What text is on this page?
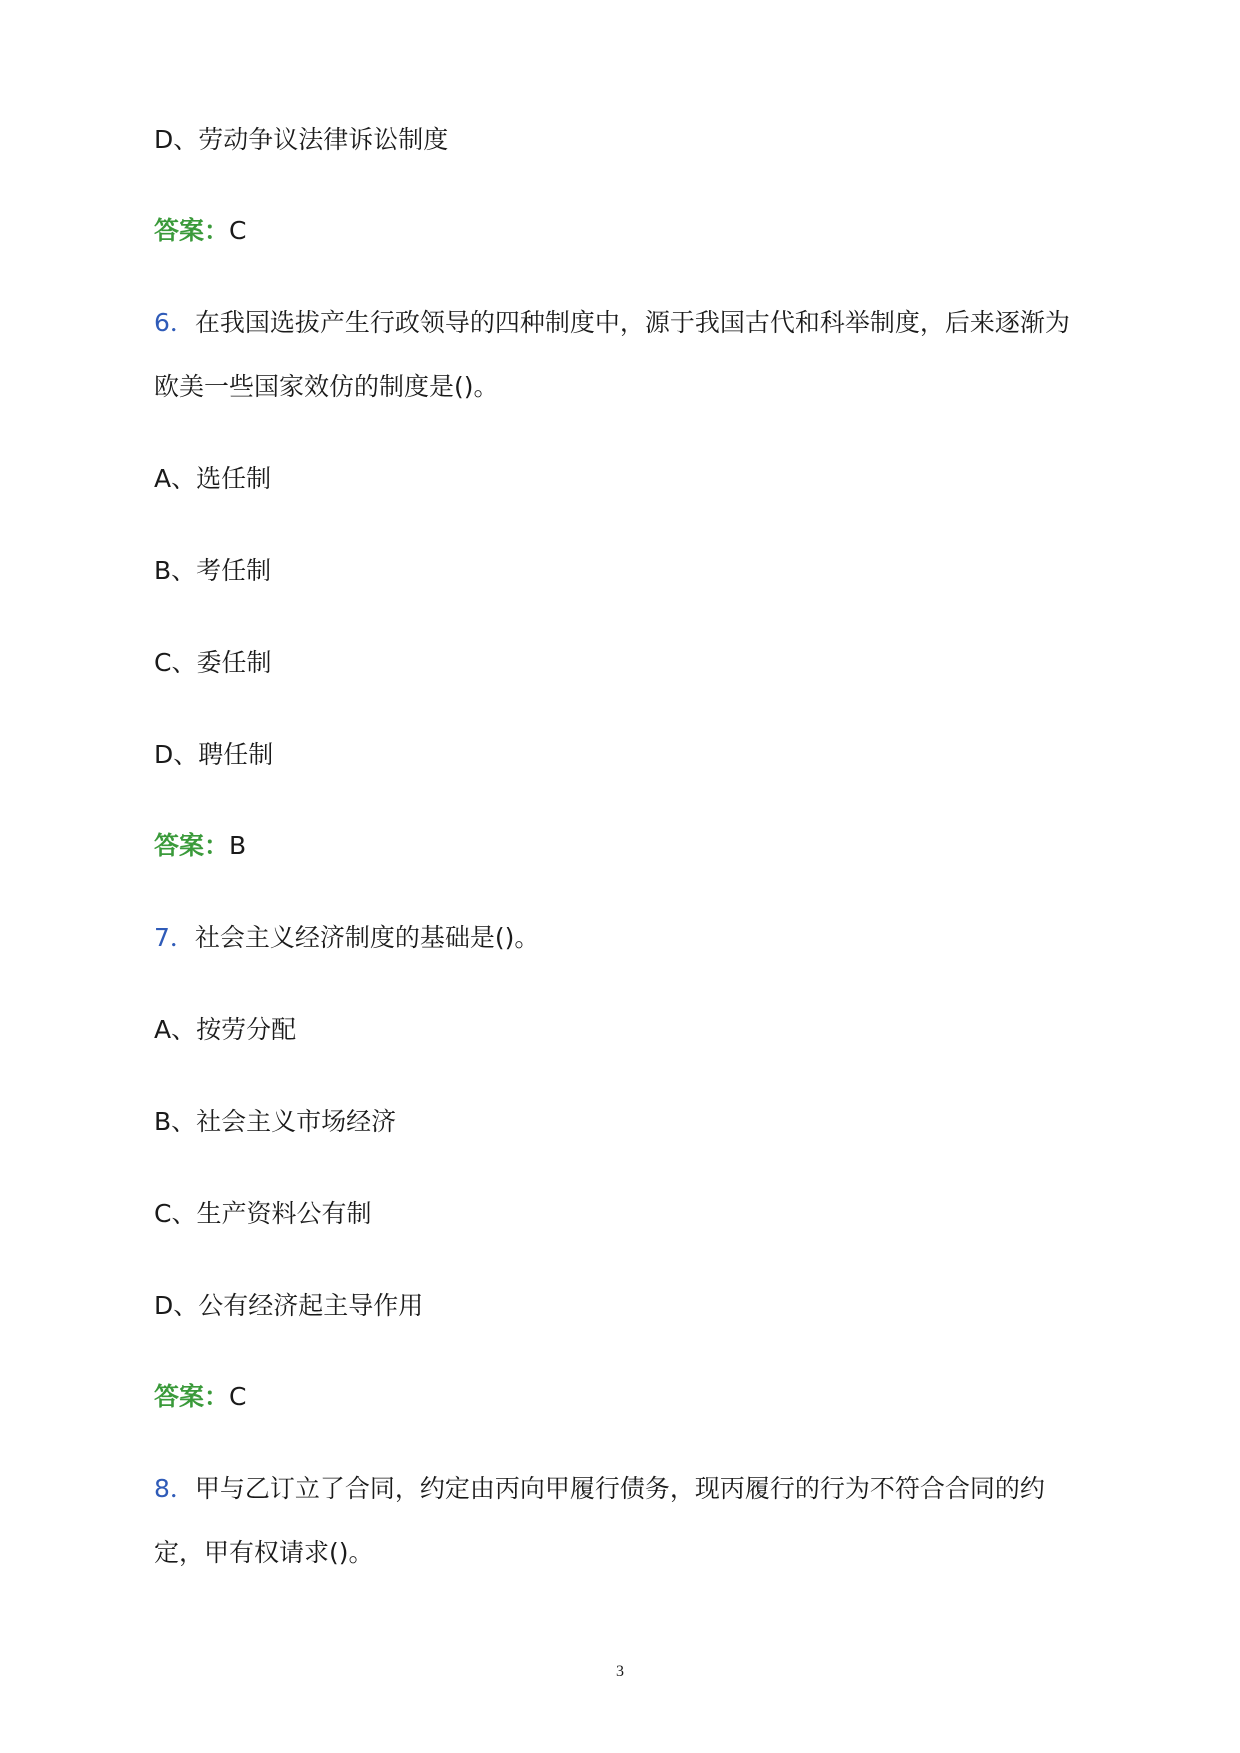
D、劳动争议法律诉讼制度

答案：C

6．在我国选拔产生行政领导的四种制度中，源于我国古代和科举制度，后来逐渐为

欧美一些国家效仿的制度是()。

A、选任制

B、考任制

C、委任制

D、聘任制

答案：B

7．社会主义经济制度的基础是()。

A、按劳分配

B、社会主义市场经济

C、生产资料公有制

D、公有经济起主导作用

答案：C

8．甲与乙订立了合同，约定由丙向甲履行债务，现丙履行的行为不符合合同的约

定，甲有权请求()。

3
